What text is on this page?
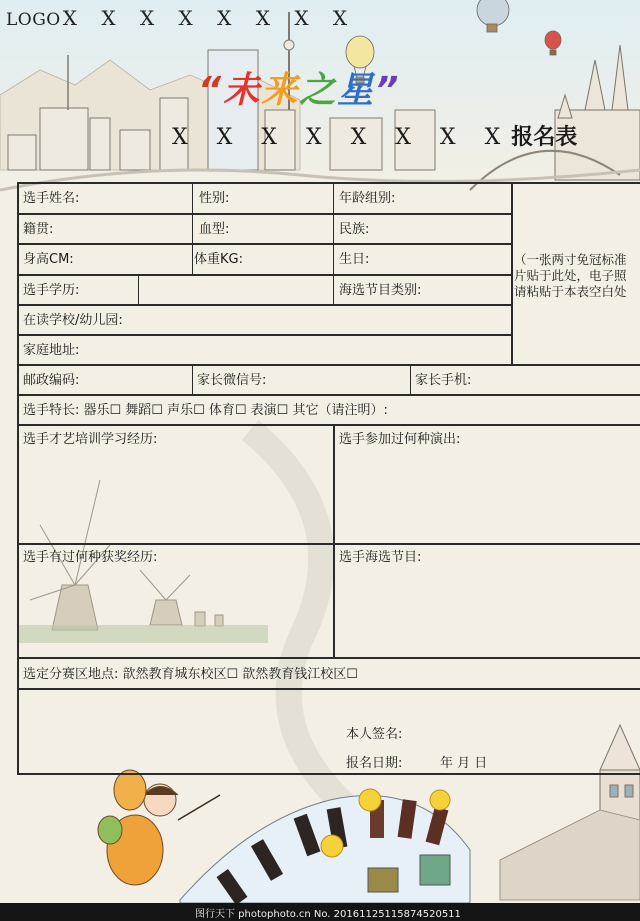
LOGO X X X X X X X X
“未来之星”
X X X X X X X X报名表
选手姓名:	性别:	年龄组别:
籍贯:	血型:	民族:
身高CM:	体重KG:	生日:
选手学历:	海选节目类别:
在读学校/幼儿园:
家庭地址:
（一张两寸免冠标准
片贴于此处，电子照
请粘贴于本表空白处
邮政编码:	家长微信号:	家长手机:
选手特长: 器乐☐ 舞蹈☐ 声乐☐ 体育☐ 表演☐ 其它（请注明）:
选手才艺培训学习经历:	选手参加过何种演出:
选手有过何种获奖经历:	选手海选节目:
选定分赛区地点: 歆然教育城东校区☐ 歆然教育钱江校区☐
本人签名:
报名日期:	年 月 日
图行天下 photophoto.cn No. 20161125115874520511
